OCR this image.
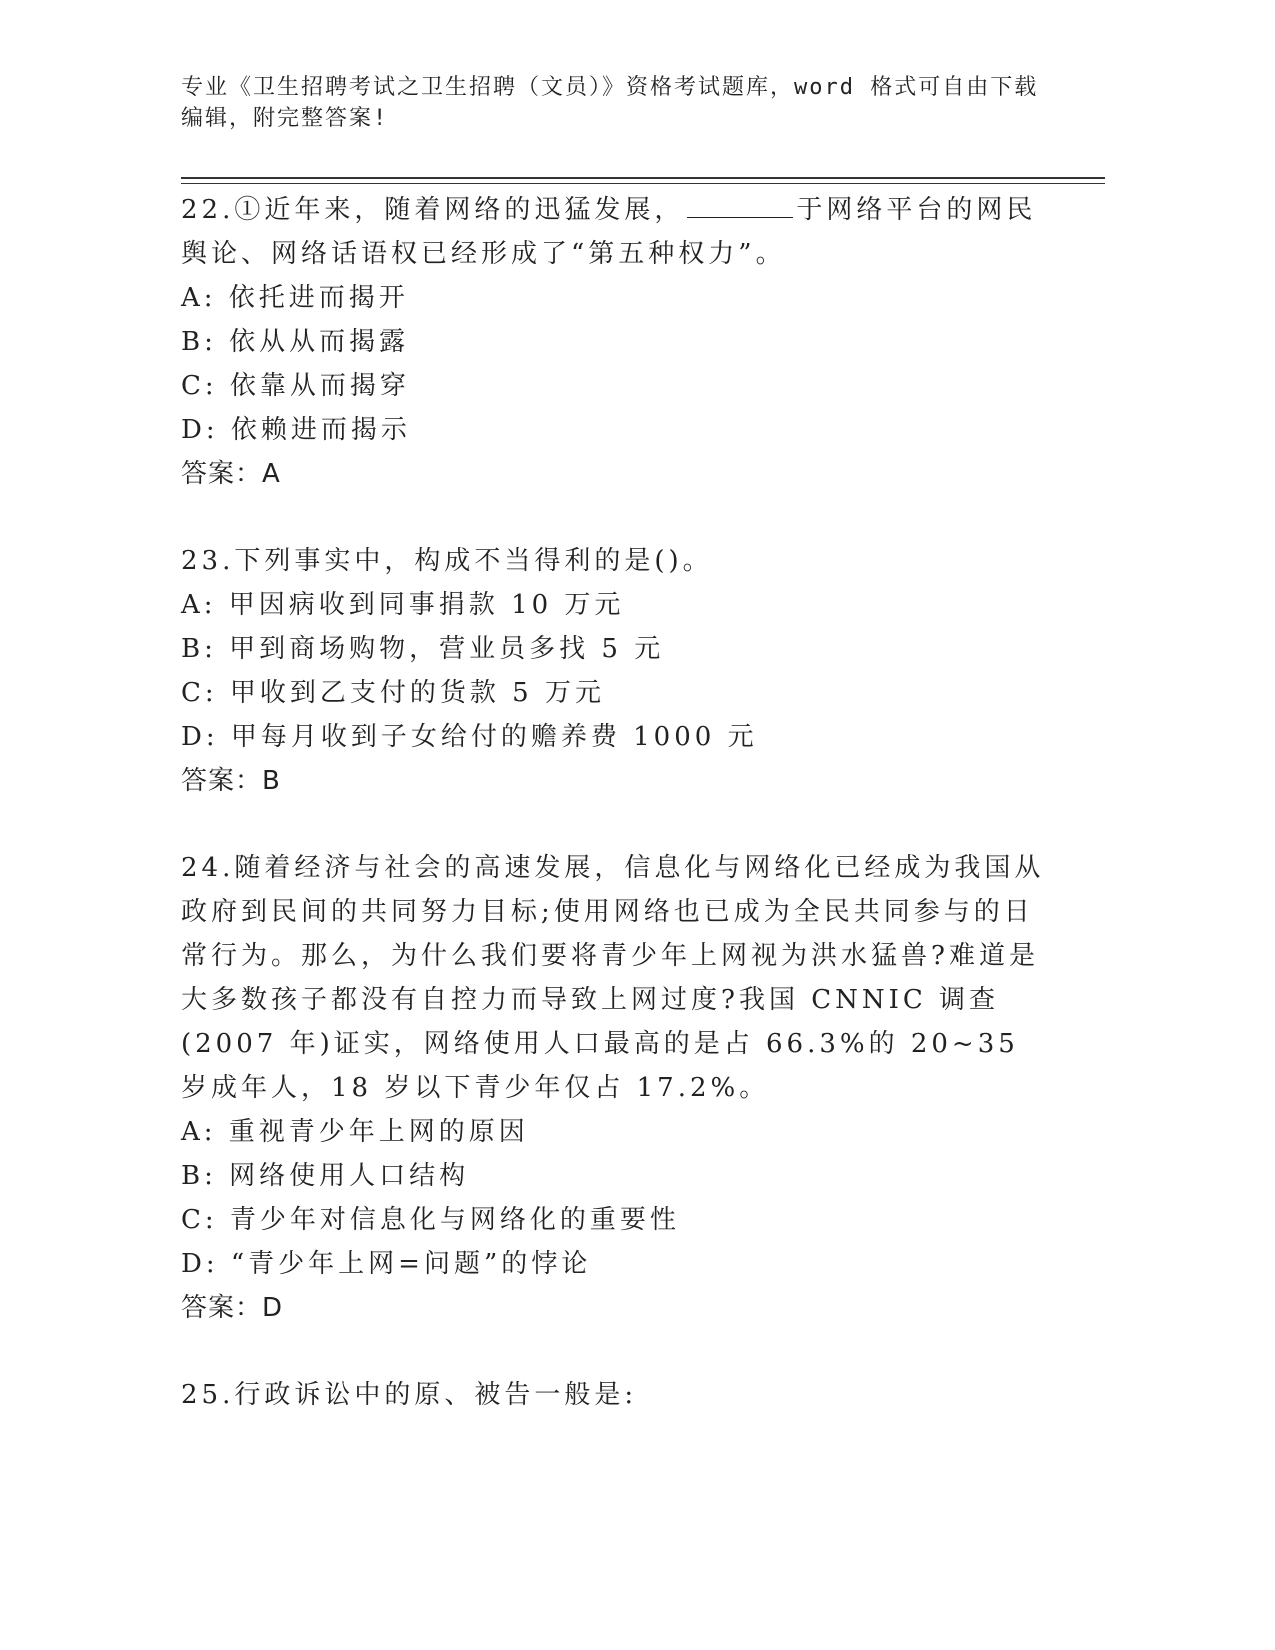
专业《卫生招聘考试之卫生招聘（文员）》资格考试题库，word 格式可自由下载
编辑，附完整答案!

22.①近年来，随着网络的迅猛发展，	于网络平台的网民舆论、网络话语权已经形成了“第五种权力”。

A: 依托进而揭开

B: 依从从而揭露

C: 依靠从而揭穿

D: 依赖进而揭示

答案：A

23.下列事实中，构成不当得利的是()。

A: 甲因病收到同事捐款 10 万元

B: 甲到商场购物，营业员多找 5 元

C: 甲收到乙支付的货款 5 万元

D: 甲每月收到子女给付的赡养费 1000 元

答案：B

24.随着经济与社会的高速发展，信息化与网络化已经成为我国从政府到民间的共同努力目标;使用网络也已成为全民共同参与的日常行为。那么，为什么我们要将青少年上网视为洪水猛兽?难道是大多数孩子都没有自控力而导致上网过度?我国 CNNIC 调查(2007 年)证实，网络使用人口最高的是占 66.3%的 20~35 岁成年人，18 岁以下青少年仅占 17.2%。

A: 重视青少年上网的原因

B: 网络使用人口结构

C: 青少年对信息化与网络化的重要性

D: “青少年上网=问题”的悖论

答案：D

25.行政诉讼中的原、被告一般是:
